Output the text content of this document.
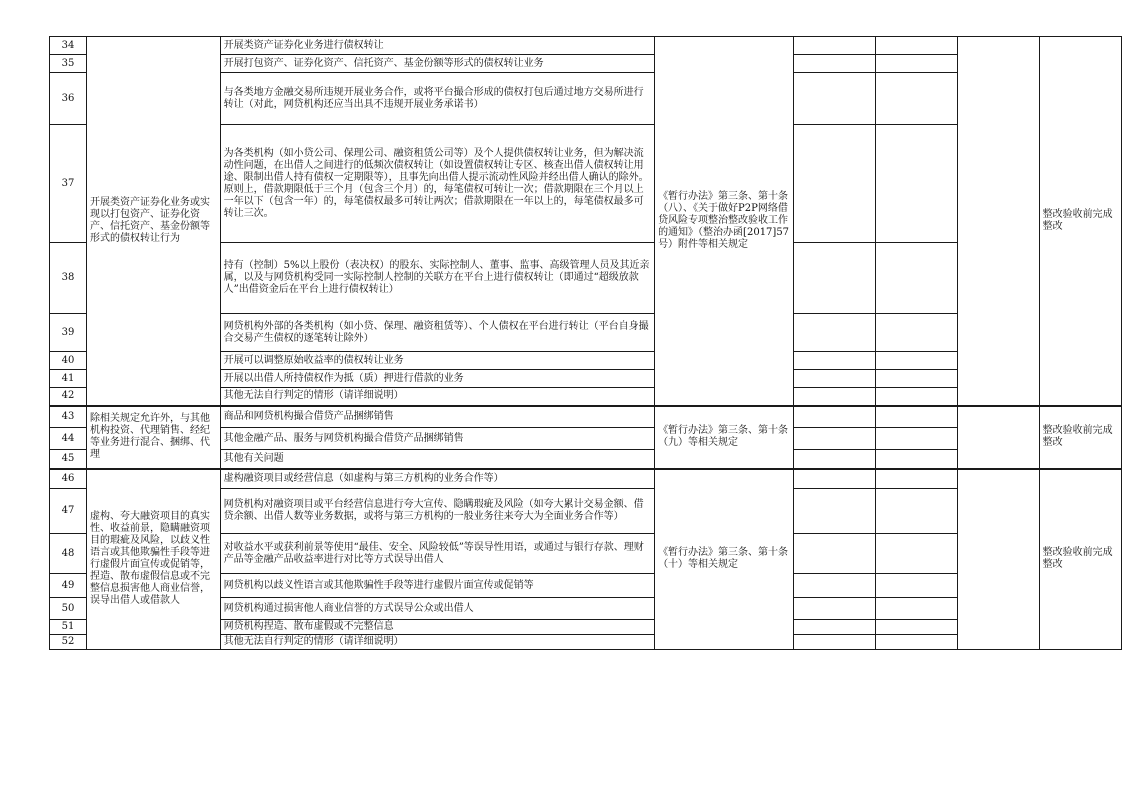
34	开展类资产证券化业务或实现以打包资产、证券化资产、信托资产、基金份额等形式的债权转让行为	开展类资产证券化业务进行债权转让	《暂行办法》第三条、第十条（八）、《关于做好P2P网络借贷风险专项整治整改验收工作的通知》（整治办函[2017]57号）附件等相关规定				整改验收前完成整改
35		开展打包资产、证券化资产、信托资产、基金份额等形式的债权转让业务					
36		与各类地方金融交易所违规开展业务合作，或将平台撮合形成的债权打包后通过地方交易所进行转让（对此，网贷机构还应当出具不违规开展业务承诺书）					
37		为各类机构（如小贷公司、保理公司、融资租赁公司等）及个人提供债权转让业务，但为解决流动性问题，在出借人之间进行的低频次债权转让（如设置债权转让专区、核查出借人债权转让用途、限制出借人持有债权一定期限等），且事先向出借人提示流动性风险并经出借人确认的除外。原则上，借款期限低于三个月（包含三个月）的，每笔债权可转让一次；借款期限在三个月以上一年以下（包含一年）的，每笔债权最多可转让两次；借款期限在一年以上的，每笔债权最多可转让三次。					
38		持有（控制）5%以上股份（表决权）的股东、实际控制人、董事、监事、高级管理人员及其近亲属，以及与网贷机构受同一实际控制人控制的关联方在平台上进行债权转让（即通过“超级放款人”出借资金后在平台上进行债权转让）					
39		网贷机构外部的各类机构（如小贷、保理、融资租赁等）、个人债权在平台进行转让（平台自身撮合交易产生债权的逐笔转让除外）					
40		开展可以调整原始收益率的债权转让业务					
41		开展以出借人所持债权作为抵（质）押进行借款的业务					
42		其他无法自行判定的情形（请详细说明）					
43	除相关规定允许外，与其他机构投资、代理销售、经纪等业务进行混合、捆绑、代理	商品和网贷机构撮合借贷产品捆绑销售	《暂行办法》第三条、第十条（九）等相关规定				整改验收前完成整改
44		其他金融产品、服务与网贷机构撮合借贷产品捆绑销售					
45		其他有关问题					
46	虚构、夸大融资项目的真实性、收益前景，隐瞒融资项目的瑕疵及风险，以歧义性语言或其他欺骗性手段等进行虚假片面宣传或促销等，捏造、散布虚假信息或不完整信息损害他人商业信誉，误导出借人或借款人	虚构融资项目或经营信息（如虚构与第三方机构的业务合作等）	《暂行办法》第三条、第十条（十）等相关规定				整改验收前完成整改
47		网贷机构对融资项目或平台经营信息进行夸大宣传、隐瞒瑕疵及风险（如夸大累计交易金额、借贷余额、出借人数等业务数据，或将与第三方机构的一般业务往来夸大为全面业务合作等）					
48		对收益水平或获利前景等使用“最佳、安全、风险较低”等误导性用语，或通过与银行存款、理财产品等金融产品收益率进行对比等方式误导出借人					
49		网贷机构以歧义性语言或其他欺骗性手段等进行虚假片面宣传或促销等					
50		网贷机构通过损害他人商业信誉的方式误导公众或出借人					
51		网贷机构捏造、散布虚假或不完整信息					
52		其他无法自行判定的情形（请详细说明）					
